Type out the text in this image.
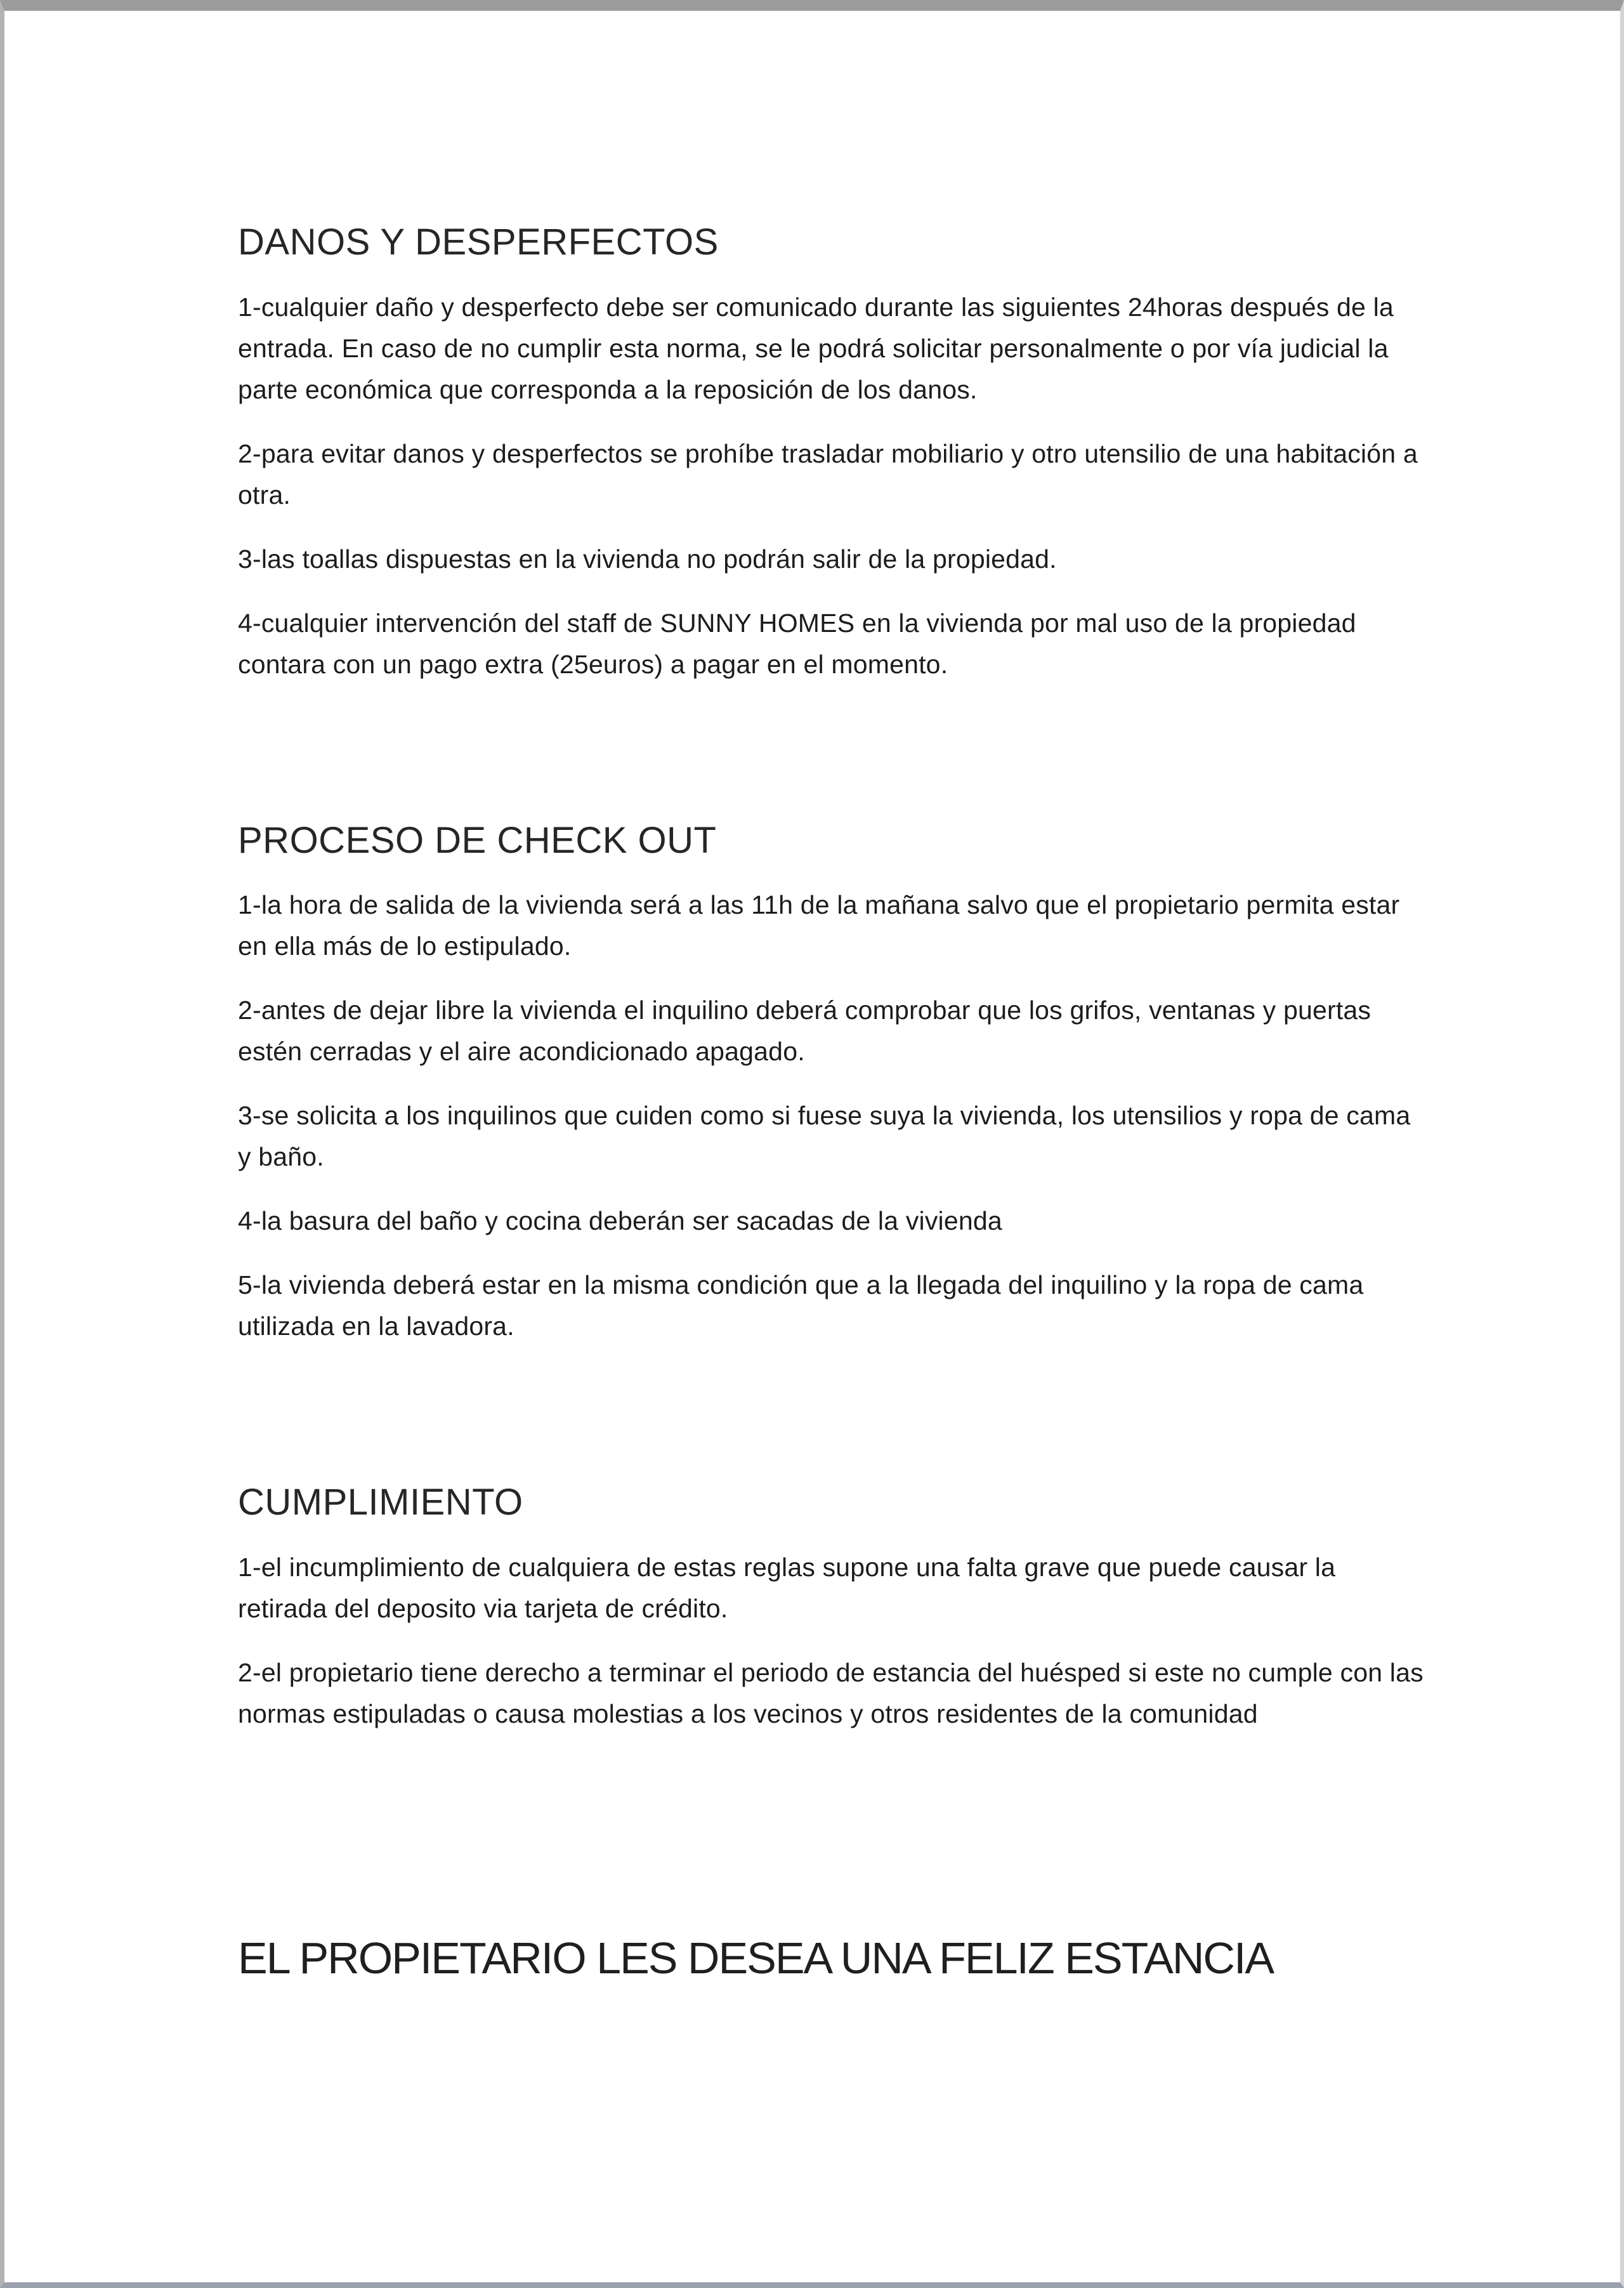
DANOS Y DESPERFECTOS

1-cualquier daño y desperfecto debe ser comunicado durante las siguientes 24horas después de la entrada. En caso de no cumplir esta norma, se le podrá solicitar personalmente o por vía judicial la parte económica que corresponda a la reposición de los danos.

2-para evitar danos y desperfectos se prohíbe trasladar mobiliario y otro utensilio de una habitación a otra.

3-las toallas dispuestas en la vivienda no podrán salir de la propiedad.

4-cualquier intervención del staff de SUNNY HOMES en la vivienda por mal uso de la propiedad contara con un pago extra (25euros) a pagar en el momento.

PROCESO DE CHECK OUT

1-la hora de salida de la vivienda será a las 11h de la mañana salvo que el propietario permita estar en ella más de lo estipulado.

2-antes de dejar libre la vivienda el inquilino deberá comprobar que los grifos, ventanas y puertas estén cerradas y el aire acondicionado apagado.

3-se solicita a los inquilinos que cuiden como si fuese suya la vivienda, los utensilios y ropa de cama y baño.

4-la basura del baño y cocina deberán ser sacadas de la vivienda

5-la vivienda deberá estar en la misma condición que a la llegada del inquilino y la ropa de cama utilizada en la lavadora.

CUMPLIMIENTO

1-el incumplimiento de cualquiera de estas reglas supone una falta grave que puede causar la retirada del deposito via tarjeta de crédito.

2-el propietario tiene derecho a terminar el periodo de estancia del huésped si este no cumple con las normas estipuladas o causa molestias a los vecinos y otros residentes de la comunidad

EL PROPIETARIO LES DESEA UNA FELIZ ESTANCIA
